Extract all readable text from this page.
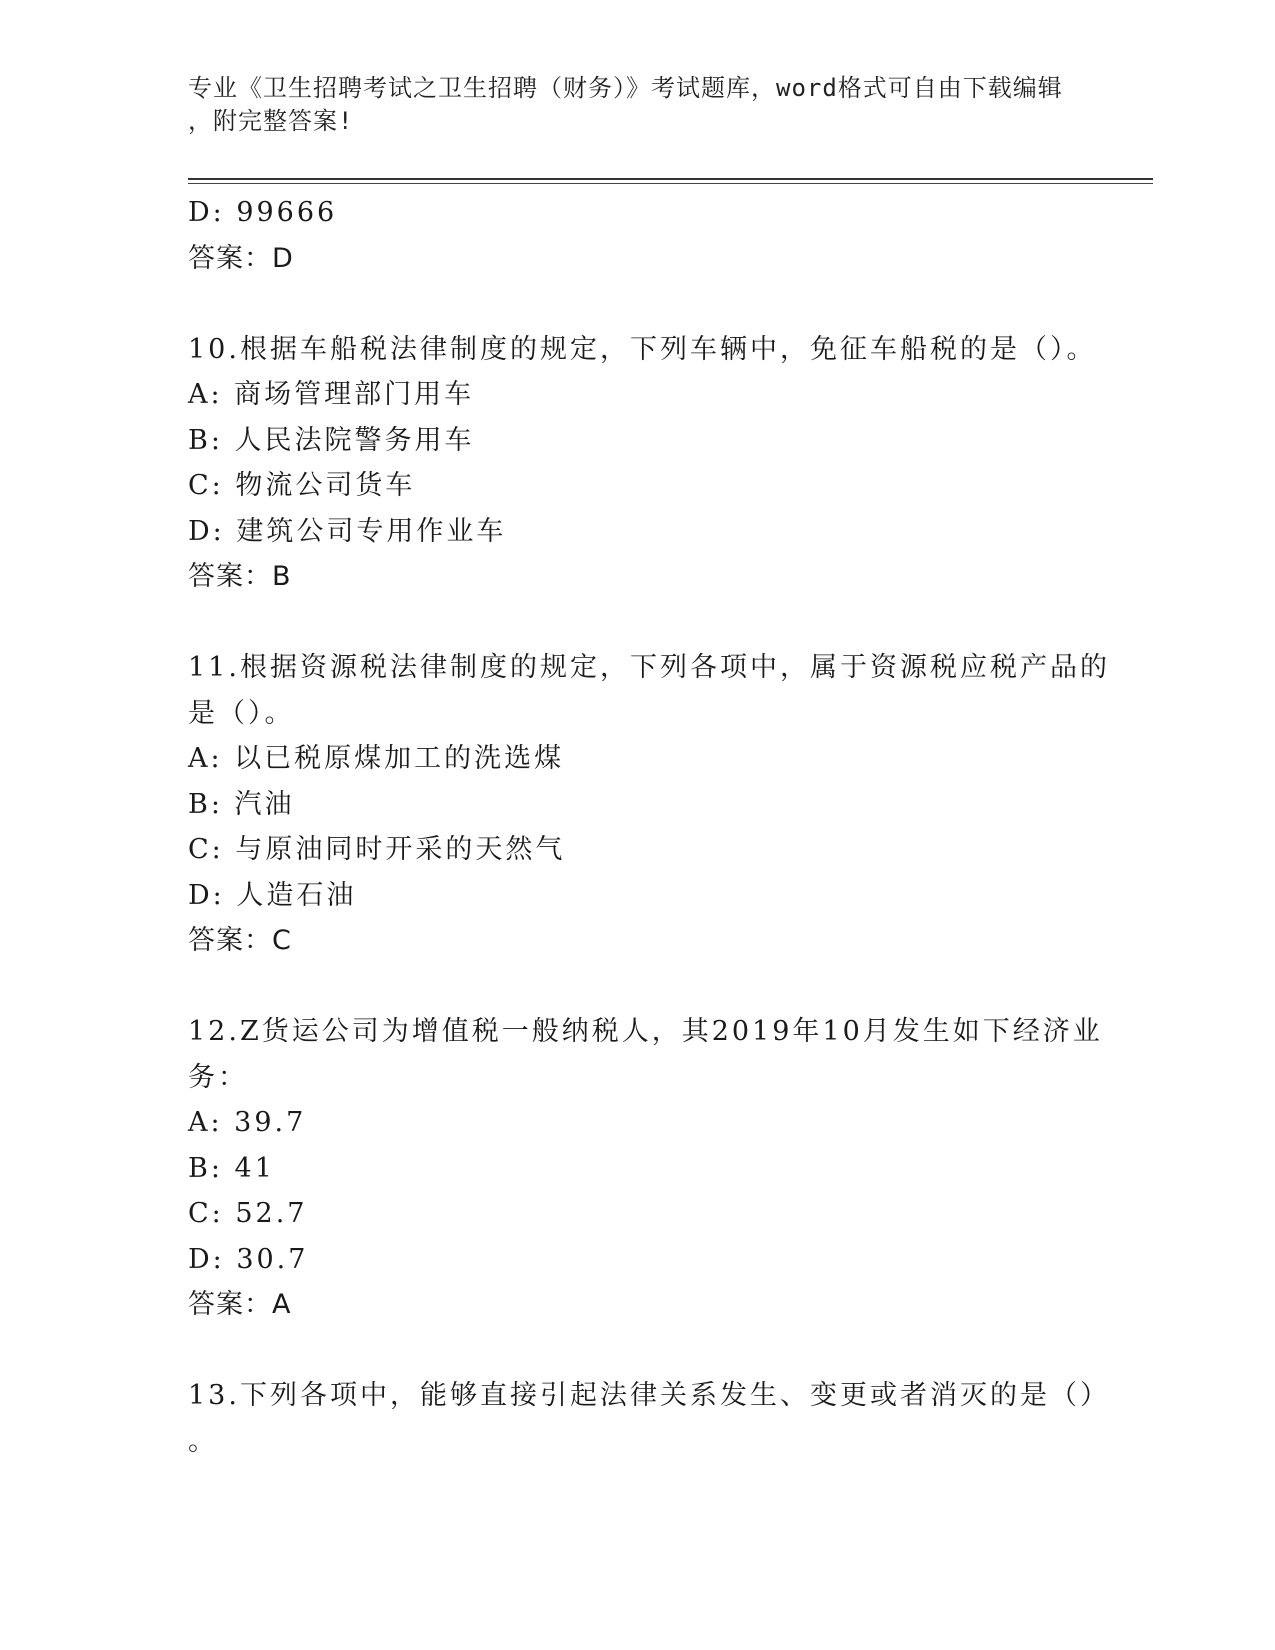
专业《卫生招聘考试之卫生招聘（财务）》考试题库，word格式可自由下载编辑
，附完整答案!
D: 99666
答案：D
10.根据车船税法律制度的规定，下列车辆中，免征车船税的是（）。
A: 商场管理部门用车
B: 人民法院警务用车
C: 物流公司货车
D: 建筑公司专用作业车
答案：B
11.根据资源税法律制度的规定，下列各项中，属于资源税应税产品的
是（）。
A: 以已税原煤加工的洗选煤
B: 汽油
C: 与原油同时开采的天然气
D: 人造石油
答案：C
12.Z货运公司为增值税一般纳税人，其2019年10月发生如下经济业
务：
A: 39.7
B: 41
C: 52.7
D: 30.7
答案：A
13.下列各项中，能够直接引起法律关系发生、变更或者消灭的是（）
。
